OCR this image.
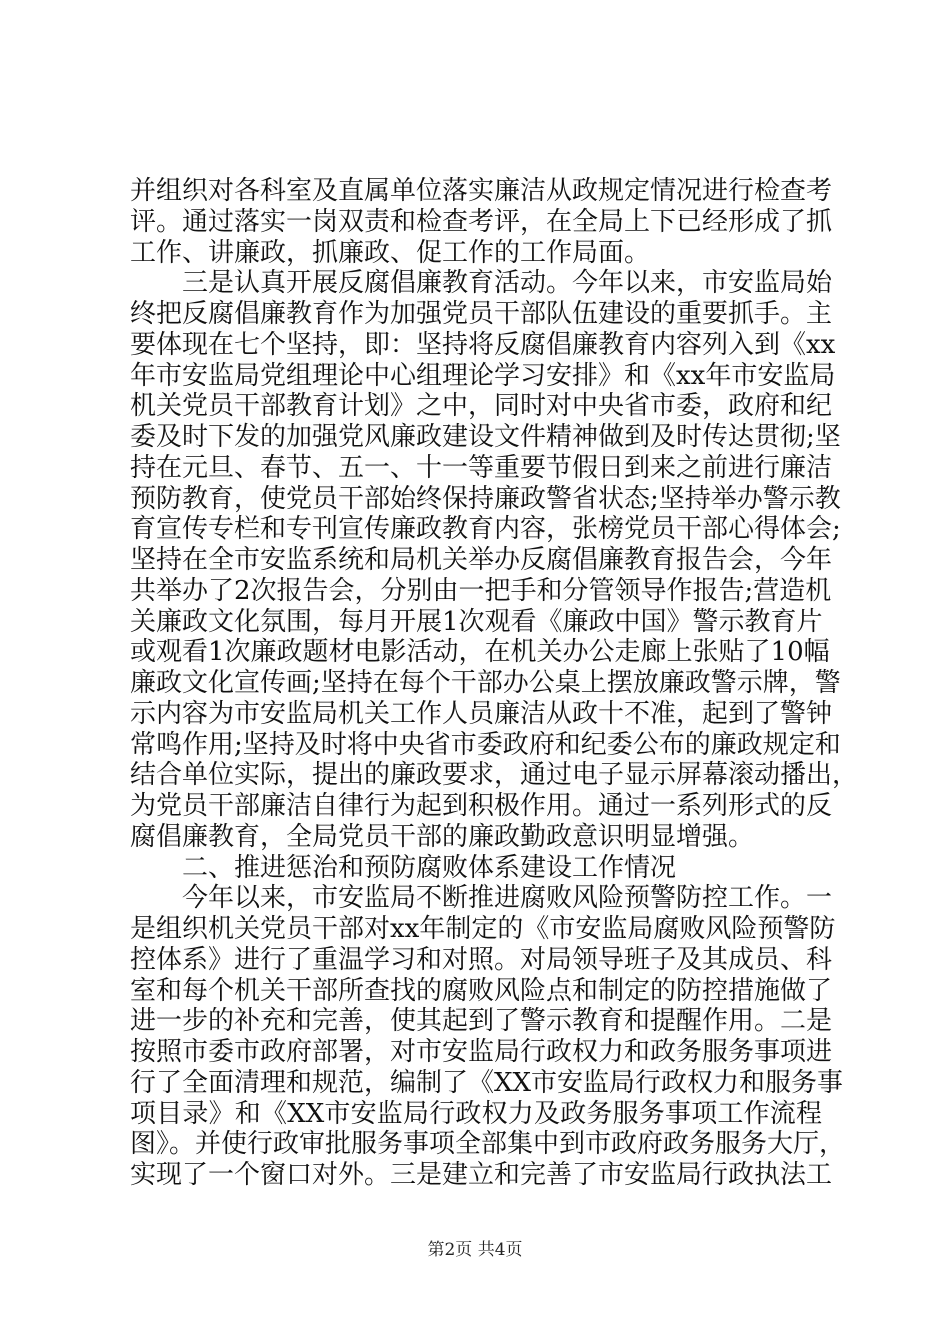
并组织对各科室及直属单位落实廉洁从政规定情况进行检查考
评。通过落实一岗双责和检查考评，在全局上下已经形成了抓
工作、讲廉政，抓廉政、促工作的工作局面。
三是认真开展反腐倡廉教育活动。今年以来，市安监局始
终把反腐倡廉教育作为加强党员干部队伍建设的重要抓手。主
要体现在七个坚持，即：坚持将反腐倡廉教育内容列入到《xx
年市安监局党组理论中心组理论学习安排》和《xx年市安监局
机关党员干部教育计划》之中，同时对中央省市委，政府和纪
委及时下发的加强党风廉政建设文件精神做到及时传达贯彻;坚
持在元旦、春节、五一、十一等重要节假日到来之前进行廉洁
预防教育，使党员干部始终保持廉政警省状态;坚持举办警示教
育宣传专栏和专刊宣传廉政教育内容，张榜党员干部心得体会;
坚持在全市安监系统和局机关举办反腐倡廉教育报告会，今年
共举办了2次报告会，分别由一把手和分管领导作报告;营造机
关廉政文化氛围，每月开展1次观看《廉政中国》警示教育片
或观看1次廉政题材电影活动，在机关办公走廊上张贴了10幅
廉政文化宣传画;坚持在每个干部办公桌上摆放廉政警示牌，警
示内容为市安监局机关工作人员廉洁从政十不准，起到了警钟
常鸣作用;坚持及时将中央省市委政府和纪委公布的廉政规定和
结合单位实际，提出的廉政要求，通过电子显示屏幕滚动播出，
为党员干部廉洁自律行为起到积极作用。通过一系列形式的反
腐倡廉教育，全局党员干部的廉政勤政意识明显增强。
二、推进惩治和预防腐败体系建设工作情况
今年以来，市安监局不断推进腐败风险预警防控工作。一
是组织机关党员干部对xx年制定的《市安监局腐败风险预警防
控体系》进行了重温学习和对照。对局领导班子及其成员、科
室和每个机关干部所查找的腐败风险点和制定的防控措施做了
进一步的补充和完善，使其起到了警示教育和提醒作用。二是
按照市委市政府部署，对市安监局行政权力和政务服务事项进
行了全面清理和规范，编制了《XX市安监局行政权力和服务事
项目录》和《XX市安监局行政权力及政务服务事项工作流程
图》。并使行政审批服务事项全部集中到市政府政务服务大厅，
实现了一个窗口对外。三是建立和完善了市安监局行政执法工
第2页 共4页
